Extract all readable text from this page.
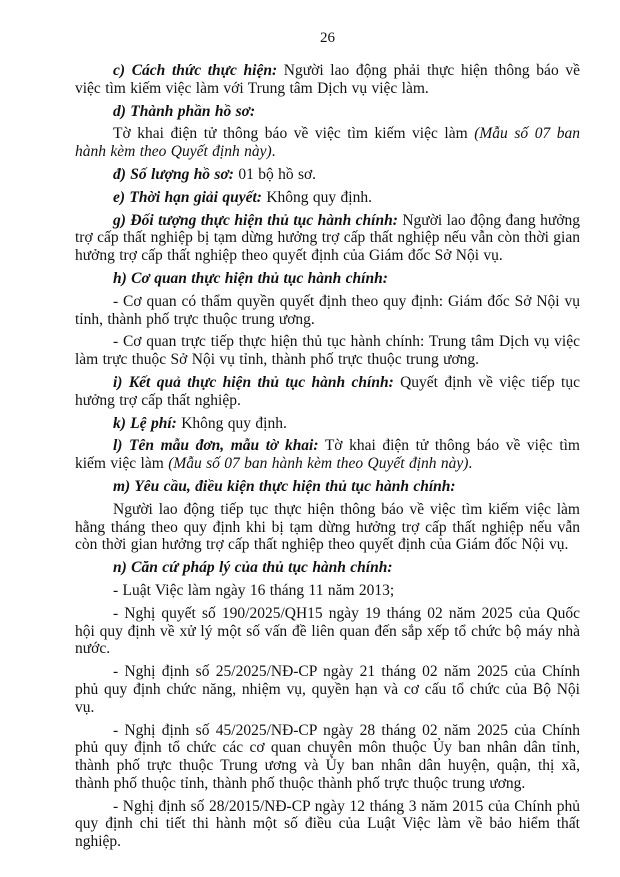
26

c) Cách thức thực hiện: Người lao động phải thực hiện thông báo về việc tìm kiếm việc làm với Trung tâm Dịch vụ việc làm.

d) Thành phần hồ sơ:

Tờ khai điện tử thông báo về việc tìm kiếm việc làm (Mẫu số 07 ban hành kèm theo Quyết định này).

đ) Số lượng hồ sơ: 01 bộ hồ sơ.

e) Thời hạn giải quyết: Không quy định.

g) Đối tượng thực hiện thủ tục hành chính: Người lao động đang hưởng trợ cấp thất nghiệp bị tạm dừng hưởng trợ cấp thất nghiệp nếu vẫn còn thời gian hưởng trợ cấp thất nghiệp theo quyết định của Giám đốc Sở Nội vụ.

h) Cơ quan thực hiện thủ tục hành chính:

- Cơ quan có thẩm quyền quyết định theo quy định: Giám đốc Sở Nội vụ tỉnh, thành phố trực thuộc trung ương.

- Cơ quan trực tiếp thực hiện thủ tục hành chính: Trung tâm Dịch vụ việc làm trực thuộc Sở Nội vụ tỉnh, thành phố trực thuộc trung ương.

i) Kết quả thực hiện thủ tục hành chính: Quyết định về việc tiếp tục hưởng trợ cấp thất nghiệp.

k) Lệ phí: Không quy định.

l) Tên mẫu đơn, mẫu tờ khai: Tờ khai điện tử thông báo về việc tìm kiếm việc làm (Mẫu số 07 ban hành kèm theo Quyết định này).

m) Yêu cầu, điều kiện thực hiện thủ tục hành chính:

Người lao động tiếp tục thực hiện thông báo về việc tìm kiếm việc làm hằng tháng theo quy định khi bị tạm dừng hưởng trợ cấp thất nghiệp nếu vẫn còn thời gian hưởng trợ cấp thất nghiệp theo quyết định của Giám đốc Nội vụ.

n) Căn cứ pháp lý của thủ tục hành chính:

- Luật Việc làm ngày 16 tháng 11 năm 2013;

- Nghị quyết số 190/2025/QH15 ngày 19 tháng 02 năm 2025 của Quốc hội quy định về xử lý một số vấn đề liên quan đến sắp xếp tổ chức bộ máy nhà nước.

- Nghị định số 25/2025/NĐ-CP ngày 21 tháng 02 năm 2025 của Chính phủ quy định chức năng, nhiệm vụ, quyền hạn và cơ cấu tổ chức của Bộ Nội vụ.

- Nghị định số 45/2025/NĐ-CP ngày 28 tháng 02 năm 2025 của Chính phủ quy định tổ chức các cơ quan chuyên môn thuộc Ủy ban nhân dân tỉnh, thành phố trực thuộc Trung ương và Ủy ban nhân dân huyện, quận, thị xã, thành phố thuộc tỉnh, thành phố thuộc thành phố trực thuộc trung ương.

- Nghị định số 28/2015/NĐ-CP ngày 12 tháng 3 năm 2015 của Chính phủ quy định chi tiết thi hành một số điều của Luật Việc làm về bảo hiểm thất nghiệp.
